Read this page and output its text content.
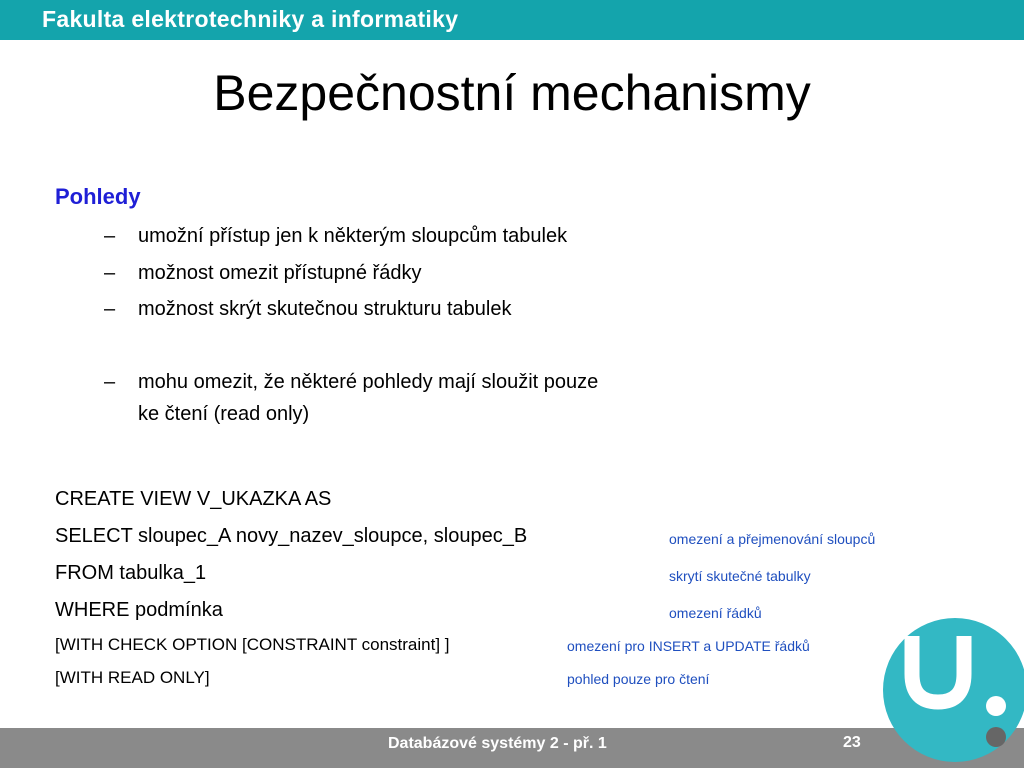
Fakulta elektrotechniky a informatiky
Bezpečnostní mechanismy
Pohledy
– umožní přístup jen k některým sloupcům tabulek
– možnost omezit přístupné řádky
– možnost skrýt skutečnou strukturu tabulek
– mohu omezit, že některé pohledy mají sloužit pouze
ke čtení (read only)
CREATE VIEW V_UKAZKA AS
SELECT sloupec_A novy_nazev_sloupce, sloupec_B	omezení a přejmenování sloupců
FROM tabulka_1	skrytí skutečné tabulky
WHERE podmínka	omezení řádků
[WITH CHECK OPTION [CONSTRAINT constraint] ]	omezení pro INSERT a UPDATE řádků
[WITH READ ONLY]	pohled pouze pro čtení
Databázové systémy 2 - př. 1	23
